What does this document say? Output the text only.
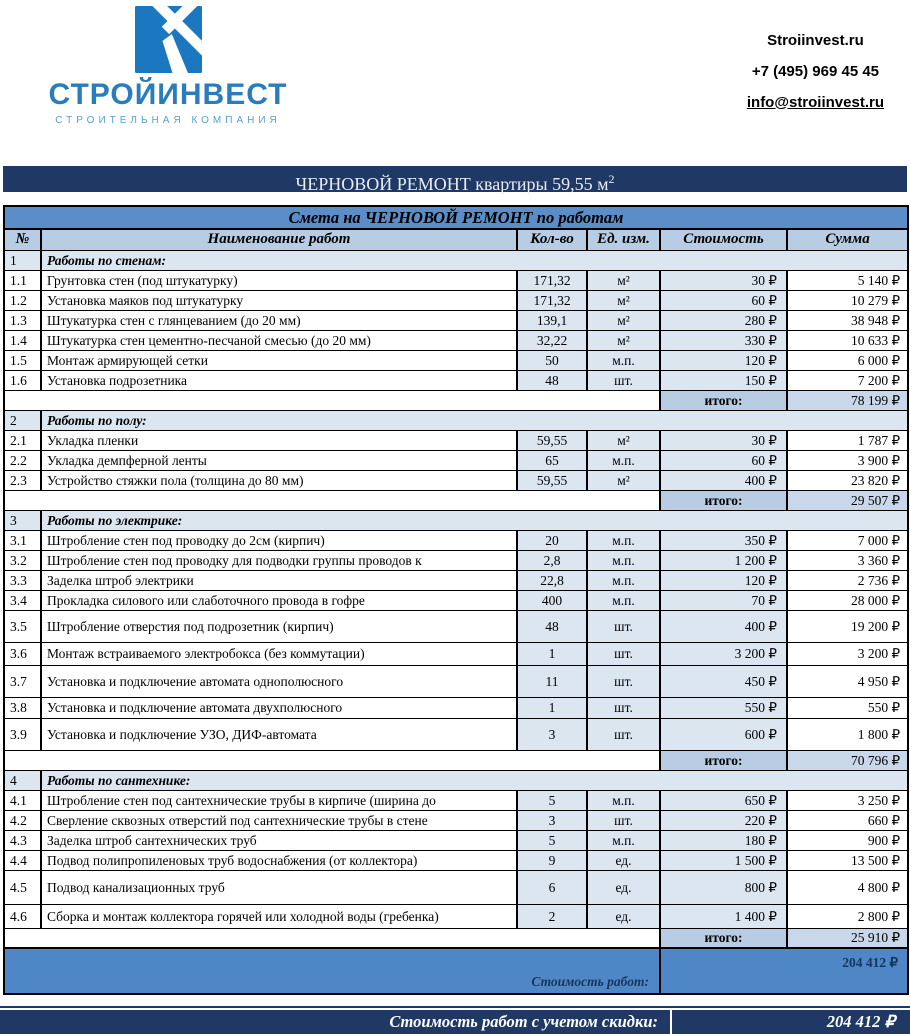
СТРОЙИНВЕСТ
СТРОИТЕЛЬНАЯ КОМПАНИЯ
Stroiinvest.ru
+7 (495) 969 45 45
info@stroiinvest.ru
ЧЕРНОВОЙ РЕМОНТ квартиры 59,55 $м^2$
Смета на ЧЕРНОВОЙ РЕМОНТ по работам					
№	Наименование работ	Кол-во	Ед. изм.	Стоимость	Сумма
1	Работы по стенам:				
1.1	Грунтовка стен (под штукатурку)	171,32	м²	30 ₽	5 140 ₽
1.2	Установка маяков под штукатурку	171,32	м²	60 ₽	10 279 ₽
1.3	Штукатурка стен с глянцеванием (до 20 мм)	139,1	м²	280 ₽	38 948 ₽
1.4	Штукатурка стен цементно-песчаной смесью (до 20 мм)	32,22	м²	330 ₽	10 633 ₽
1.5	Монтаж армирующей сетки	50	м.п.	120 ₽	6 000 ₽
1.6	Установка подрозетника	48	шт.	150 ₽	7 200 ₽
				итого:	78 199 ₽
2	Работы по полу:				
2.1	Укладка пленки	59,55	м²	30 ₽	1 787 ₽
2.2	Укладка демпферной ленты	65	м.п.	60 ₽	3 900 ₽
2.3	Устройство стяжки пола (толщина до 80 мм)	59,55	м²	400 ₽	23 820 ₽
				итого:	29 507 ₽
3	Работы по электрике:				
3.1	Штробление стен под проводку до 2см (кирпич)	20	м.п.	350 ₽	7 000 ₽
3.2	Штробление стен под проводку для подводки группы проводов к	2,8	м.п.	1 200 ₽	3 360 ₽
3.3	Заделка штроб электрики	22,8	м.п.	120 ₽	2 736 ₽
3.4	Прокладка силового или слаботочного провода в гофре	400	м.п.	70 ₽	28 000 ₽
3.5	Штробление отверстия под подрозетник (кирпич)	48	шт.	400 ₽	19 200 ₽
3.6	Монтаж встраиваемого электробокса (без коммутации)	1	шт.	3 200 ₽	3 200 ₽
3.7	Установка и подключение автомата однополюсного	11	шт.	450 ₽	4 950 ₽
3.8	Установка и подключение автомата двухполюсного	1	шт.	550 ₽	550 ₽
3.9	Установка и подключение УЗО, ДИФ-автомата	3	шт.	600 ₽	1 800 ₽
				итого:	70 796 ₽
4	Работы по сантехнике:				
4.1	Штробление стен под сантехнические трубы в кирпиче (ширина до	5	м.п.	650 ₽	3 250 ₽
4.2	Сверление сквозных отверстий под сантехнические трубы в стене	3	шт.	220 ₽	660 ₽
4.3	Заделка штроб сантехнических труб	5	м.п.	180 ₽	900 ₽
4.4	Подвод полипропиленовых труб водоснабжения (от коллектора)	9	ед.	1 500 ₽	13 500 ₽
4.5	Подвод канализационных труб	6	ед.	800 ₽	4 800 ₽
4.6	Сборка и монтаж коллектора горячей или холодной воды (гребенка)	2	ед.	1 400 ₽	2 800 ₽
				итого:	25 910 ₽
Стоимость работ:				204 412 ₽	
Стоимость работ с учетом скидки:	204 412 ₽
